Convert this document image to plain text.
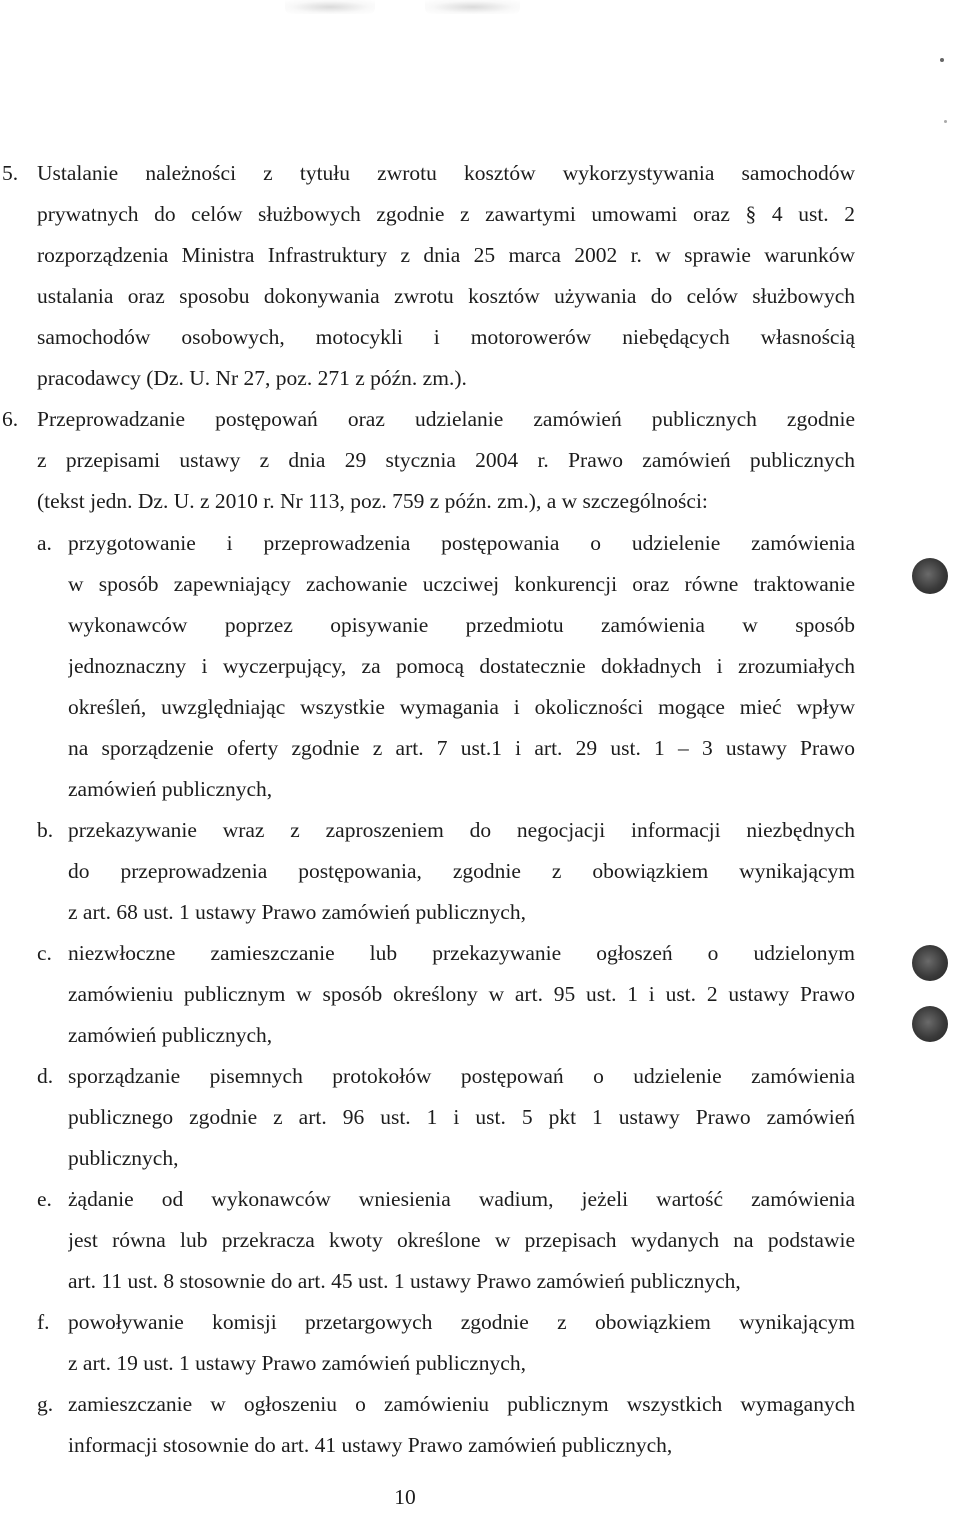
5. Ustalanie należności z tytułu zwrotu kosztów wykorzystywania samochodów
prywatnych do celów służbowych zgodnie z zawartymi umowami oraz § 4 ust. 2
rozporządzenia Ministra Infrastruktury z dnia 25 marca 2002 r. w sprawie warunków
ustalania oraz sposobu dokonywania zwrotu kosztów używania do celów służbowych
samochodów osobowych, motocykli i motorowerów niebędących własnością
pracodawcy (Dz. U. Nr 27, poz. 271 z późn. zm.).
6. Przeprowadzanie postępowań oraz udzielanie zamówień publicznych zgodnie
z przepisami ustawy z dnia 29 stycznia 2004 r. Prawo zamówień publicznych
(tekst jedn. Dz. U. z 2010 r. Nr 113, poz. 759 z późn. zm.), a w szczególności:
a. przygotowanie i przeprowadzenia postępowania o udzielenie zamówienia
w sposób zapewniający zachowanie uczciwej konkurencji oraz równe traktowanie
wykonawców poprzez opisywanie przedmiotu zamówienia w sposób
jednoznaczny i wyczerpujący, za pomocą dostatecznie dokładnych i zrozumiałych
określeń, uwzględniając wszystkie wymagania i okoliczności mogące mieć wpływ
na sporządzenie oferty zgodnie z art. 7 ust.1 i art. 29 ust. 1 – 3 ustawy Prawo
zamówień publicznych,
b. przekazywanie wraz z zaproszeniem do negocjacji informacji niezbędnych
do przeprowadzenia postępowania, zgodnie z obowiązkiem wynikającym
z art. 68 ust. 1 ustawy Prawo zamówień publicznych,
c. niezwłoczne zamieszczanie lub przekazywanie ogłoszeń o udzielonym
zamówieniu publicznym w sposób określony w art. 95 ust. 1 i ust. 2 ustawy Prawo
zamówień publicznych,
d. sporządzanie pisemnych protokołów postępowań o udzielenie zamówienia
publicznego zgodnie z art. 96 ust. 1 i ust. 5 pkt 1 ustawy Prawo zamówień
publicznych,
e. żądanie od wykonawców wniesienia wadium, jeżeli wartość zamówienia
jest równa lub przekracza kwoty określone w przepisach wydanych na podstawie
art. 11 ust. 8 stosownie do art. 45 ust. 1 ustawy Prawo zamówień publicznych,
f. powoływanie komisji przetargowych zgodnie z obowiązkiem wynikającym
z art. 19 ust. 1 ustawy Prawo zamówień publicznych,
g. zamieszczanie w ogłoszeniu o zamówieniu publicznym wszystkich wymaganych
informacji stosownie do art. 41 ustawy Prawo zamówień publicznych,
10
